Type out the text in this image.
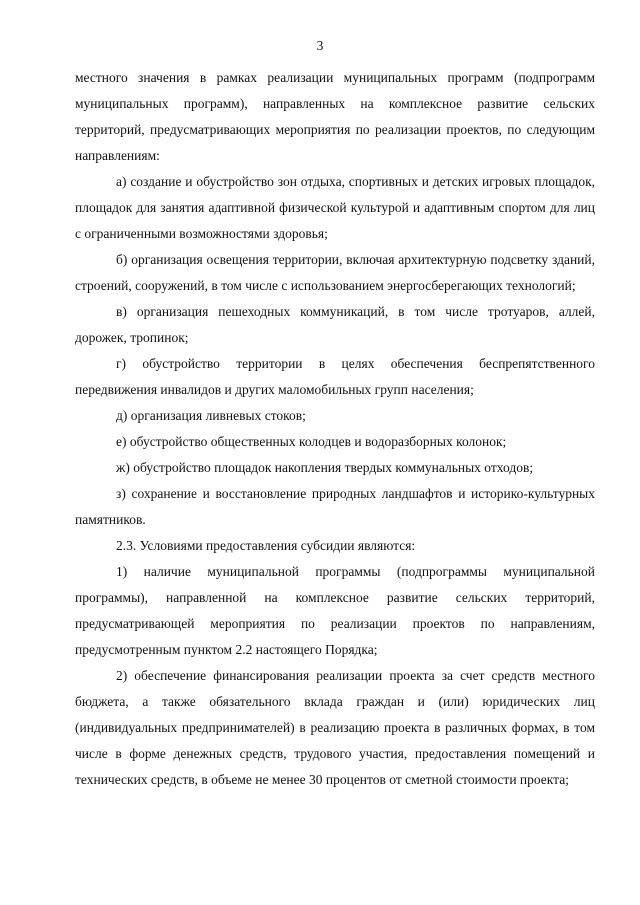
3

местного значения в рамках реализации муниципальных программ (подпрограмм муниципальных программ), направленных на комплексное развитие сельских территорий, предусматривающих мероприятия по реализации проектов, по следующим направлениям:

а) создание и обустройство зон отдыха, спортивных и детских игровых площадок, площадок для занятия адаптивной физической культурой и адаптивным спортом для лиц с ограниченными возможностями здоровья;

б) организация освещения территории, включая архитектурную подсветку зданий, строений, сооружений, в том числе с использованием энергосберегающих технологий;

в) организация пешеходных коммуникаций, в том числе тротуаров, аллей, дорожек, тропинок;

г) обустройство территории в целях обеспечения беспрепятственного передвижения инвалидов и других маломобильных групп населения;

д) организация ливневых стоков;

е) обустройство общественных колодцев и водоразборных колонок;

ж) обустройство площадок накопления твердых коммунальных отходов;

з) сохранение и восстановление природных ландшафтов и историко-культурных памятников.

2.3. Условиями предоставления субсидии являются:

1) наличие муниципальной программы (подпрограммы муниципальной программы), направленной на комплексное развитие сельских территорий, предусматривающей мероприятия по реализации проектов по направлениям, предусмотренным пунктом 2.2 настоящего Порядка;

2) обеспечение финансирования реализации проекта за счет средств местного бюджета, а также обязательного вклада граждан и (или) юридических лиц (индивидуальных предпринимателей) в реализацию проекта в различных формах, в том числе в форме денежных средств, трудового участия, предоставления помещений и технических средств, в объеме не менее 30 процентов от сметной стоимости проекта;
